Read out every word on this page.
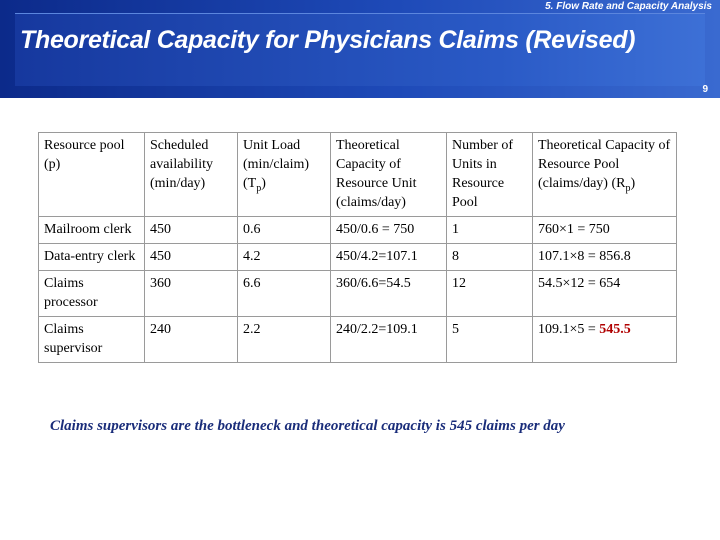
5. Flow Rate and Capacity Analysis
Theoretical Capacity for Physicians Claims (Revised)
9
Resource pool (p)	Scheduled availability (min/day)	Unit Load (min/claim) $(T_p)$	Theoretical Capacity of Resource Unit (claims/day)	Number of Units in Resource Pool	Theoretical Capacity of Resource Pool (claims/day) $(R_p)$
Mailroom clerk	450	0.6	450/0.6 = 750	1	760×1 = 750
Data-entry clerk	450	4.2	450/4.2=107.1	8	107.1×8 = 856.8
Claims processor	360	6.6	360/6.6=54.5	12	54.5×12 = 654
Claims supervisor	240	2.2	240/2.2=109.1	5	109.1×5 = 545.5
Claims supervisors are the bottleneck and theoretical capacity is 545 claims per day
